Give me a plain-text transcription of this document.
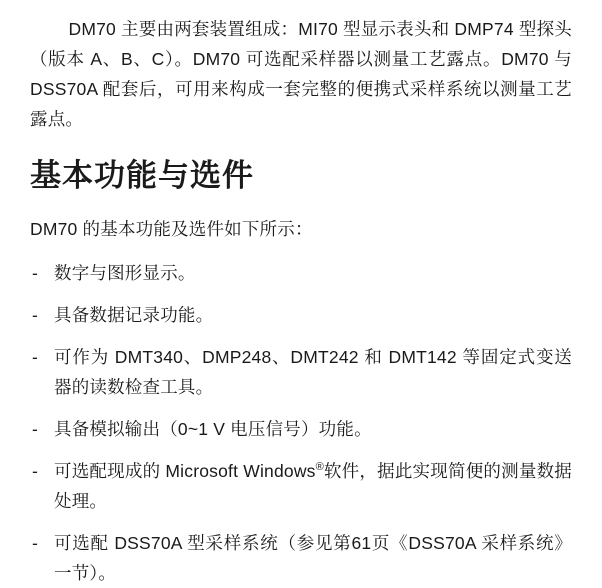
DM70 主要由两套装置组成：MI70 型显示表头和 DMP74 型探头（版本 A、B、C）。DM70 可选配采样器以测量工艺露点。DM70 与 DSS70A 配套后，可用来构成一套完整的便携式采样系统以测量工艺露点。

基本功能与选件

DM70 的基本功能及选件如下所示：

- 数字与图形显示。
- 具备数据记录功能。
- 可作为 DMT340、DMP248、DMT242 和 DMT142 等固定式变送器的读数检查工具。
- 具备模拟输出（0~1 V 电压信号）功能。
- 可选配现成的 Microsoft Windows®软件，据此实现简便的测量数据处理。
- 可选配 DSS70A 型采样系统（参见第61页《DSS70A 采样系统》一节）。
